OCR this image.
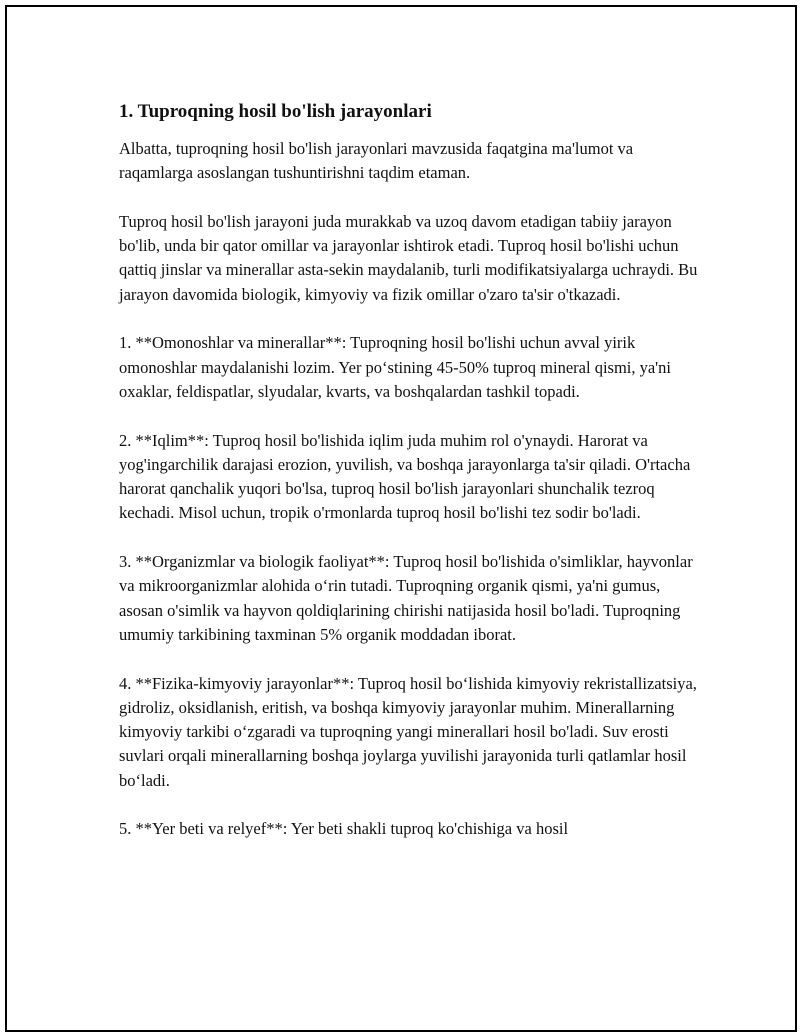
1. Tuproqning hosil bo'lish jarayonlari

Albatta, tuproqning hosil bo'lish jarayonlari mavzusida faqatgina ma'lumot va raqamlarga asoslangan tushuntirishni taqdim etaman.

Tuproq hosil bo'lish jarayoni juda murakkab va uzoq davom etadigan tabiiy jarayon bo'lib, unda bir qator omillar va jarayonlar ishtirok etadi. Tuproq hosil bo'lishi uchun qattiq jinslar va minerallar asta-sekin maydalanib, turli modifikatsiyalarga uchraydi. Bu jarayon davomida biologik, kimyoviy va fizik omillar o'zaro ta'sir o'tkazadi.

1. **Omonoshlar va minerallar**: Tuproqning hosil bo'lishi uchun avval yirik omonoshlar maydalanishi lozim. Yer po‘stining 45-50% tuproq mineral qismi, ya'ni oxaklar, feldispatlar, slyudalar, kvarts, va boshqalardan tashkil topadi.

2. **Iqlim**: Tuproq hosil bo'lishida iqlim juda muhim rol o'ynaydi. Harorat va yog'ingarchilik darajasi erozion, yuvilish, va boshqa jarayonlarga ta'sir qiladi. O'rtacha harorat qanchalik yuqori bo'lsa, tuproq hosil bo'lish jarayonlari shunchalik tezroq kechadi. Misol uchun, tropik o'rmonlarda tuproq hosil bo'lishi tez sodir bo'ladi.

3. **Organizmlar va biologik faoliyat**: Tuproq hosil bo'lishida o'simliklar, hayvonlar va mikroorganizmlar alohida o‘rin tutadi. Tuproqning organik qismi, ya'ni gumus, asosan o'simlik va hayvon qoldiqlarining chirishi natijasida hosil bo'ladi. Tuproqning umumiy tarkibining taxminan 5% organik moddadan iborat.

4. **Fizika-kimyoviy jarayonlar**: Tuproq hosil bo‘lishida kimyoviy rekristallizatsiya, gidroliz, oksidlanish, eritish, va boshqa kimyoviy jarayonlar muhim. Minerallarning kimyoviy tarkibi o‘zgaradi va tuproqning yangi minerallari hosil bo'ladi. Suv erosti suvlari orqali minerallarning boshqa joylarga yuvilishi jarayonida turli qatlamlar hosil bo‘ladi.

5. **Yer beti va relyef**: Yer beti shakli tuproq ko'chishiga va hosil
